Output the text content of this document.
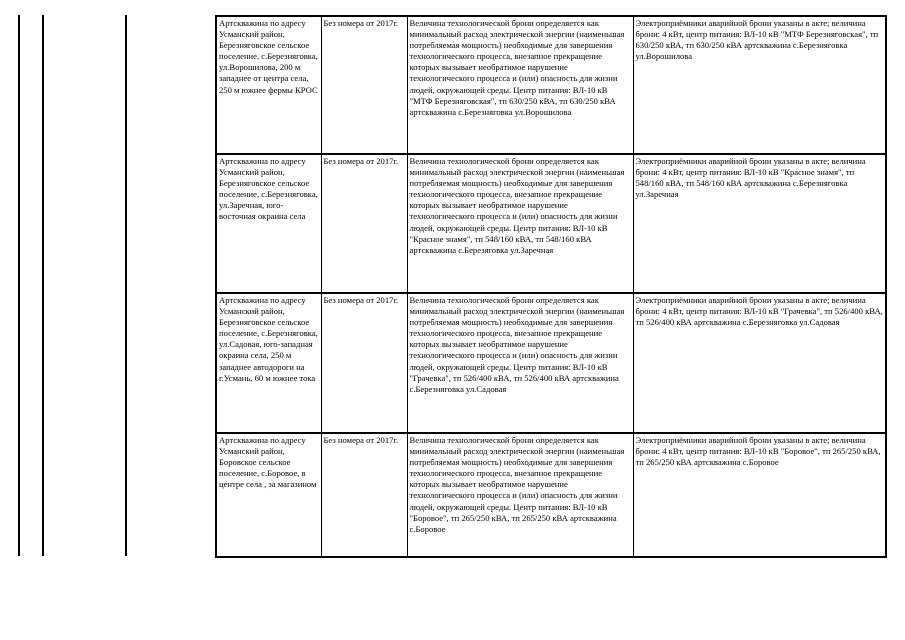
Артскважина по адресу Усманский район, Березняговское сельское поселение, с.Березняговка, ул.Ворошилова, 200 м западнее от центра села, 250 м южнее фермы КРОС	Без номера от 2017г.	Величина технологической брони определяется как минимальный расход электрической энергии (наименьшая потребляемая мощность) необходимые для завершения технологического процесса, внезапное прекращение которых вызывает необратимое нарушение технологического процесса и (или) опасность для жизни людей, окружающей среды. Центр питания: ВЛ-10 кВ "МТФ Березняговская", тп 630/250 кВА, тп 630/250 кВА артскважина с.Березняговка ул.Ворошилова	Электроприёмники аварийной брони указаны в акте; величина брони: 4 кВт, центр питания: ВЛ-10 кВ "МТФ Березняговская", тп 630/250 кВА, тп 630/250 кВА артскважина с.Березняговка ул.Ворошилова
Артскважина по адресу Усманский район, Березняговское сельское поселение, с.Березняговка, ул.Заречная, юго-восточная окраина села	Без номера от 2017г.	Величина технологической брони определяется как минимальный расход электрической энергии (наименьшая потребляемая мощность) необходимые для завершения технологического процесса, внезапное прекращение которых вызывает необратимое нарушение технологического процесса и (или) опасность для жизни людей, окружающей среды. Центр питания: ВЛ-10 кВ "Красное знамя", тп 548/160 кВА, тп 548/160 кВА артскважина с.Березяговка ул.Заречная	Электроприёмники аварийной брони указаны в акте; величина брони: 4 кВт, центр питания: ВЛ-10 кВ "Красное знамя", тп 548/160 кВА, тп 548/160 кВА артскважина с.Березняговка ул.Заречная
Артскважина по адресу Усманский район, Березняговское сельское поселение, с.Березняговка, ул.Садовая, юго-западная окраина села, 250 м западнее автодороги на г.Усмань, 60 м южнее тока	Без номера от 2017г.	Величина технологической брони определяется как минимальный расход электрической энергии (наименьшая потребляемая мощность) необходимые для завершения технологического процесса, внезапное прекращение которых вызывает необратимое нарушение технологического процесса и (или) опасность для жизни людей, окружающей среды. Центр питания: ВЛ-10 кВ "Грачевка", тп 526/400 кВА, тп 526/400 кВА артскважина с.Березняговка ул.Садовая	Электроприёмники аварийной брони указаны в акте; величина брони: 4 кВт, центр питания: ВЛ-10 кВ "Грачевка", тп 526/400 кВА, тп 526/400 кВА артскважина с.Березняговка ул.Садовая
Артскважина по адресу Усманский район, Боровское сельское поселение, с.Боровое, в центре села , за магазином	Без номера от 2017г.	Величина технологической брони определяется как минимальный расход электрической энергии (наименьшая потребляемая мощность) необходимые для завершения технологического процесса, внезапное прекращение которых вызывает необратимое нарушение технологического процесса и (или) опасность для жизни людей, окружающей среды. Центр питания: ВЛ-10 кВ "Боровое", тп 265/250 кВА, тп 265/250 кВА артскважина с.Боровое	Электроприёмники аварийной брони указаны в акте; величина брони: 4 кВт, центр питания: ВЛ-10 кВ "Боровое", тп 265/250 кВА, тп 265/250 кВА артскважина с.Боровое
